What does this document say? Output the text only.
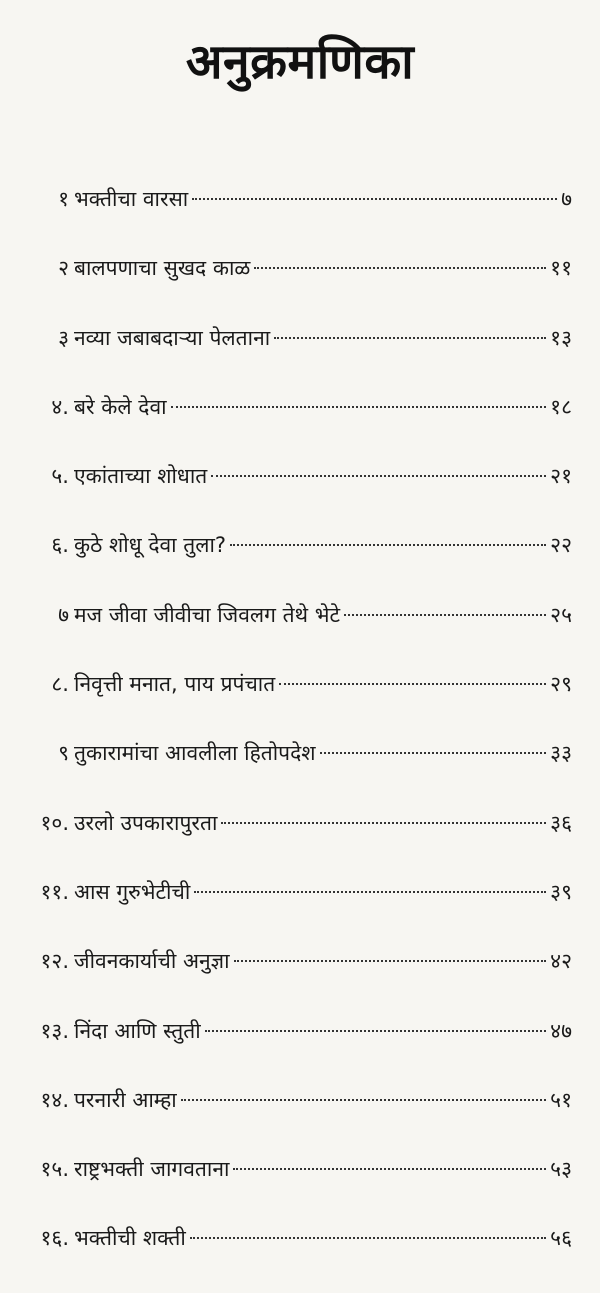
अनुक्रमणिका
१ भक्तीचा वारसा	७
२ बालपणाचा सुखद काळ	११
३ नव्या जबाबदाऱ्या पेलताना	१३
४. बरे केले देवा	१८
५. एकांताच्या शोधात	२१
६. कुठे शोधू देवा तुला?	२२
७ मज जीवा जीवीचा जिवलग तेथे भेटे	२५
८. निवृत्ती मनात, पाय प्रपंचात	२९
९ तुकारामांचा आवलीला हितोपदेश	३३
१०. उरलो उपकारापुरता	३६
११. आस गुरुभेटीची	३९
१२. जीवनकार्याची अनुज्ञा	४२
१३. निंदा आणि स्तुती	४७
१४. परनारी आम्हा	५१
१५. राष्ट्रभक्ती जागवताना	५३
१६. भक्तीची शक्ती	५६
